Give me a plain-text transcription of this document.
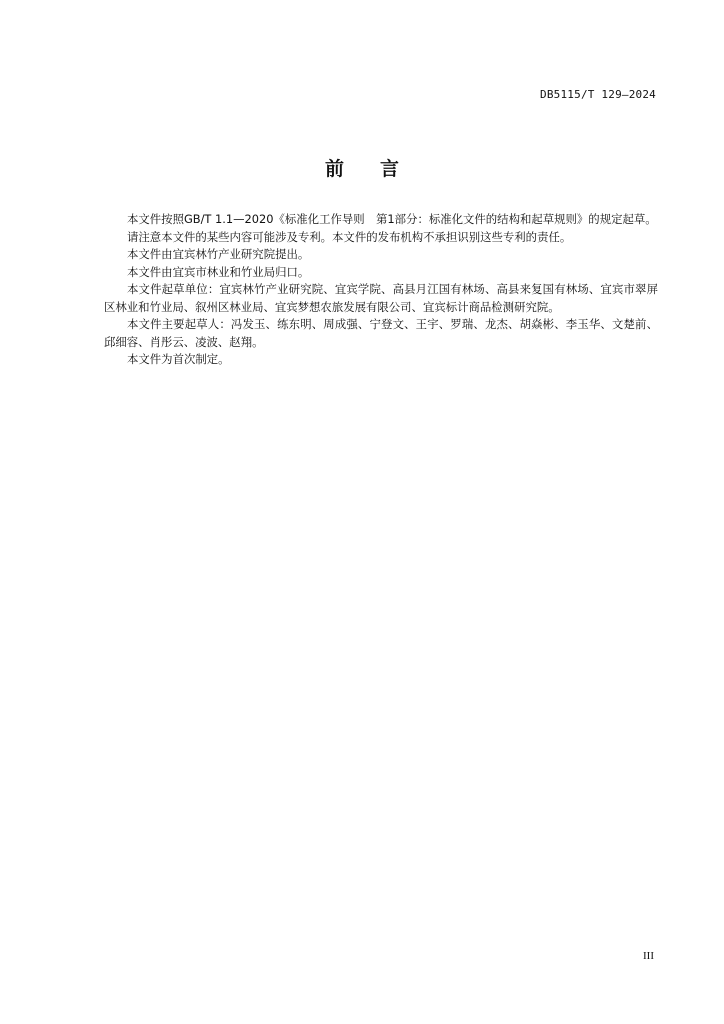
DB5115/T 129—2024
前 言

本文件按照GB/T 1.1—2020《标准化工作导则　第1部分：标准化文件的结构和起草规则》的规定起草。

请注意本文件的某些内容可能涉及专利。本文件的发布机构不承担识别这些专利的责任。

本文件由宜宾林竹产业研究院提出。

本文件由宜宾市林业和竹业局归口。

本文件起草单位：宜宾林竹产业研究院、宜宾学院、高县月江国有林场、高县来复国有林场、宜宾市翠屏区林业和竹业局、叙州区林业局、宜宾梦想农旅发展有限公司、宜宾标计商品检测研究院。

本文件主要起草人：冯发玉、练东明、周成强、宁登文、王宇、罗瑞、龙杰、胡焱彬、李玉华、文楚前、邱细容、肖彤云、凌波、赵翔。

本文件为首次制定。

III
